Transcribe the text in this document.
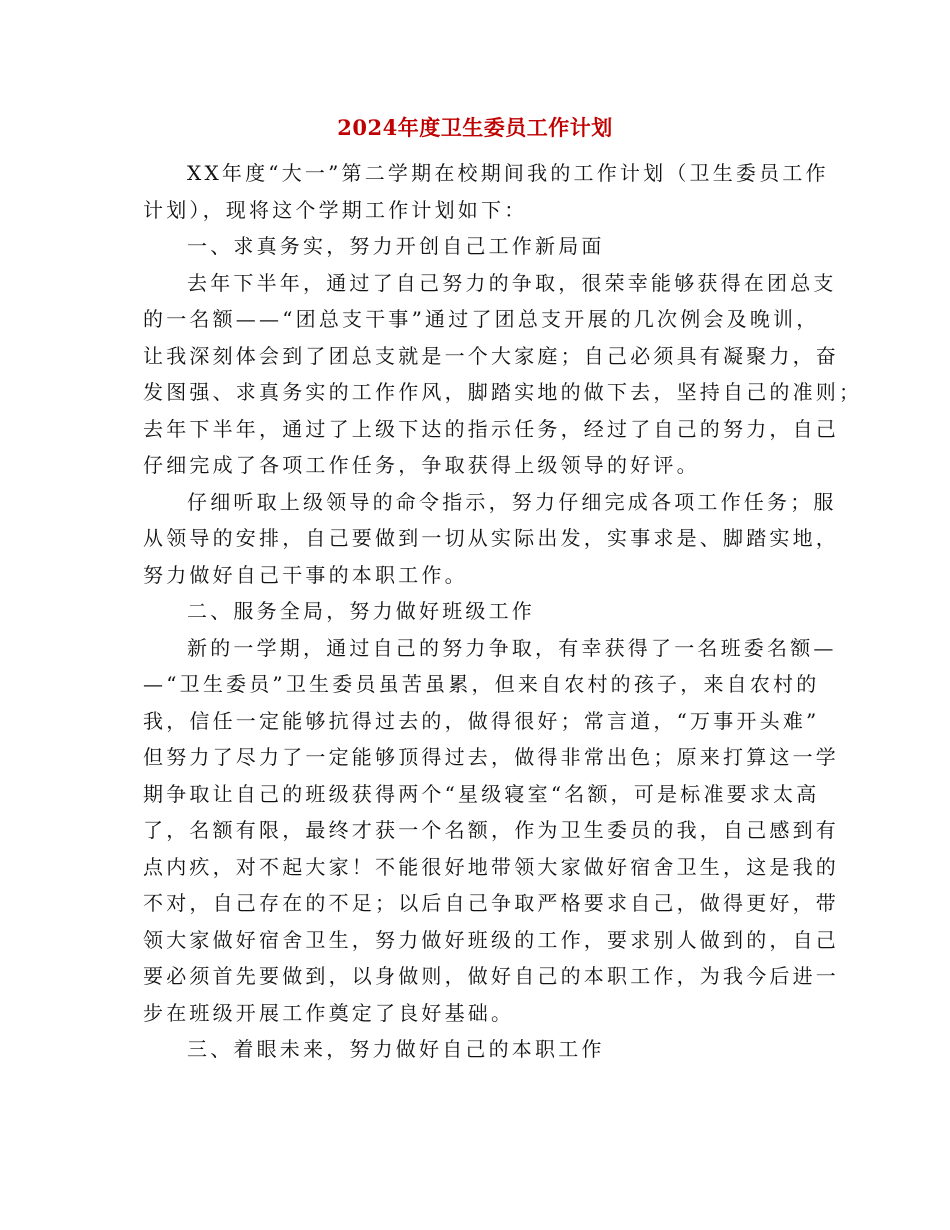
2024年度卫生委员工作计划
XX年度“大一”第二学期在校期间我的工作计划（卫生委员工作
计划），现将这个学期工作计划如下：
一、求真务实，努力开创自己工作新局面
去年下半年，通过了自己努力的争取，很荣幸能够获得在团总支
的一名额——“团总支干事”通过了团总支开展的几次例会及晚训，
让我深刻体会到了团总支就是一个大家庭；自己必须具有凝聚力，奋
发图强、求真务实的工作作风，脚踏实地的做下去，坚持自己的准则；
去年下半年，通过了上级下达的指示任务，经过了自己的努力，自己
仔细完成了各项工作任务，争取获得上级领导的好评。
仔细听取上级领导的命令指示，努力仔细完成各项工作任务；服
从领导的安排，自己要做到一切从实际出发，实事求是、脚踏实地，
努力做好自己干事的本职工作。
二、服务全局，努力做好班级工作
新的一学期，通过自己的努力争取，有幸获得了一名班委名额—
—“卫生委员”卫生委员虽苦虽累，但来自农村的孩子，来自农村的
我，信任一定能够抗得过去的，做得很好；常言道，“万事开头难”
但努力了尽力了一定能够顶得过去，做得非常出色；原来打算这一学
期争取让自己的班级获得两个“星级寝室“名额，可是标准要求太高
了，名额有限，最终才获一个名额，作为卫生委员的我，自己感到有
点内疚，对不起大家！不能很好地带领大家做好宿舍卫生，这是我的
不对，自己存在的不足；以后自己争取严格要求自己，做得更好，带
领大家做好宿舍卫生，努力做好班级的工作，要求别人做到的，自己
要必须首先要做到，以身做则，做好自己的本职工作，为我今后进一
步在班级开展工作奠定了良好基础。
三、着眼未来，努力做好自己的本职工作
